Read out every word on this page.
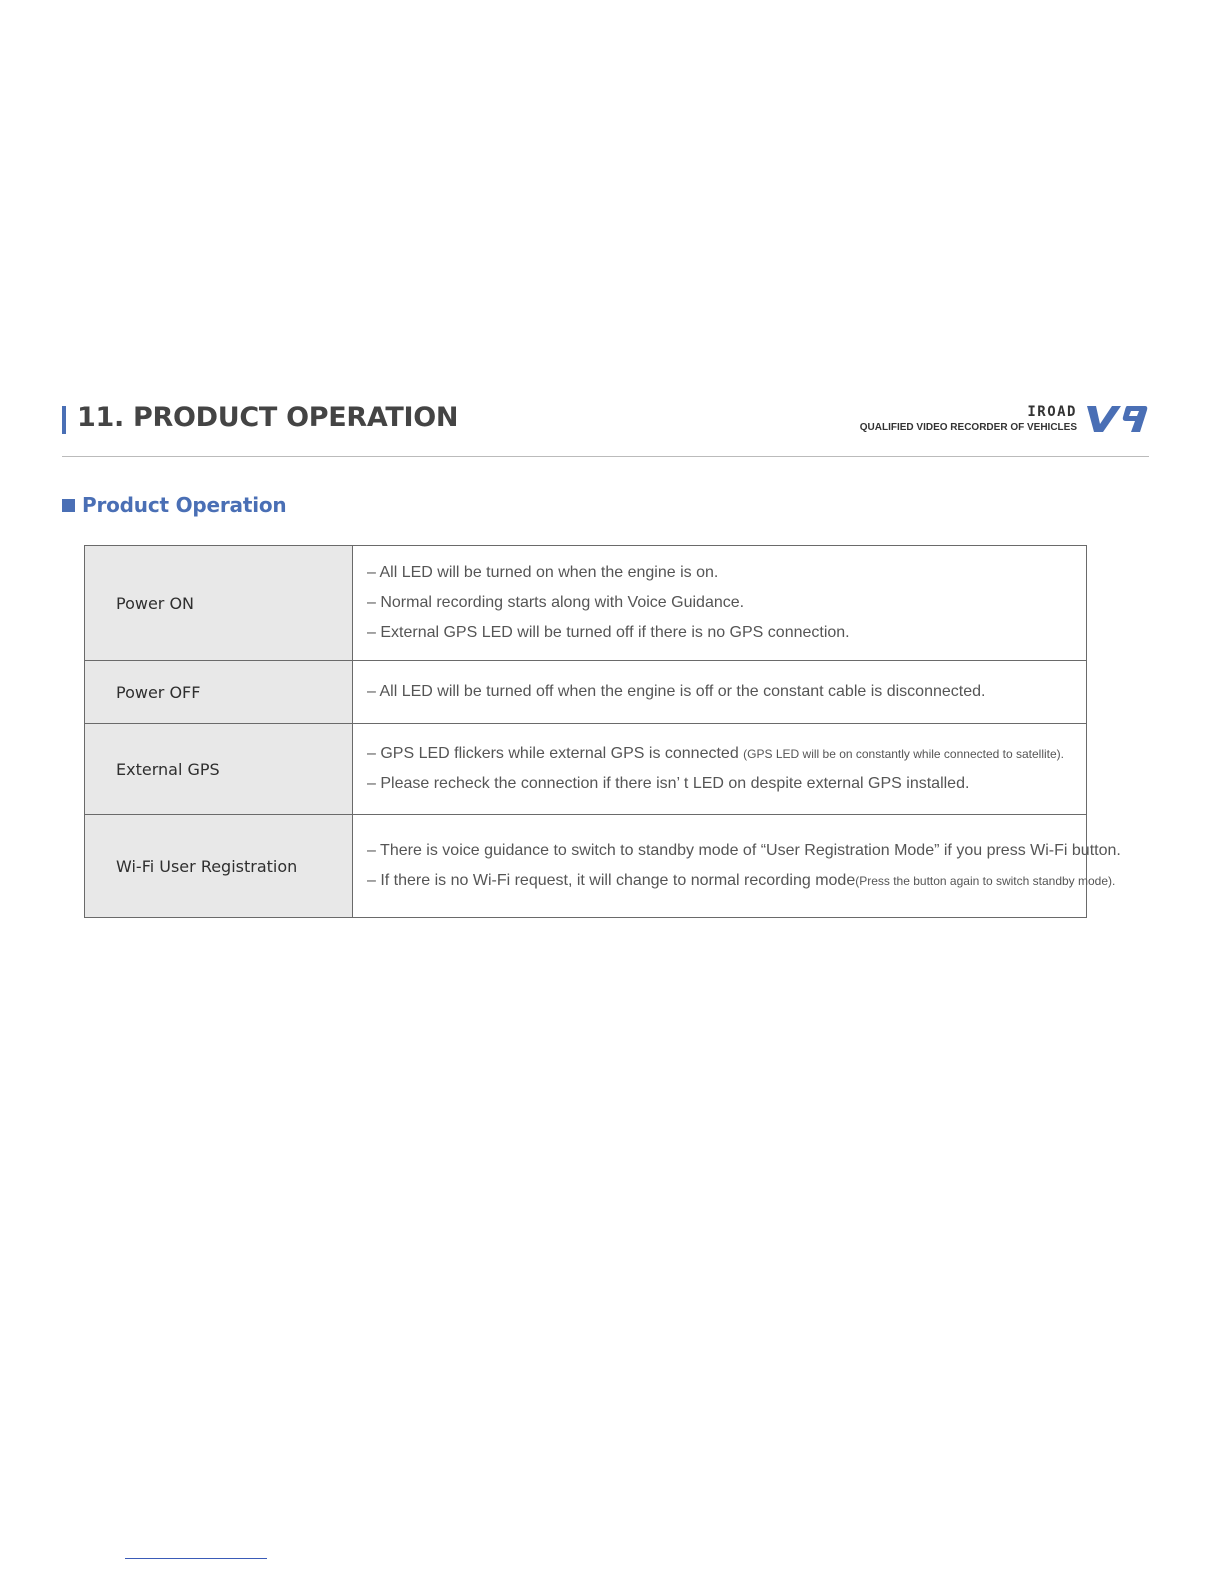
11. PRODUCT OPERATION	IROAD
QUALIFIED VIDEO RECORDER OF VEHICLES
Product Operation
Power ON	– All LED will be turned on when the engine is on.
– Normal recording starts along with Voice Guidance.
– External GPS LED will be turned off if there is no GPS connection.

Power OFF	– All LED will be turned off when the engine is off or the constant cable is disconnected.

External GPS	– GPS LED flickers while external GPS is connected (GPS LED will be on constantly while connected to satellite).
– Please recheck the connection if there isn’ t LED on despite external GPS installed.

Wi-Fi User Registration	– There is voice guidance to switch to standby mode of “User Registration Mode” if you press Wi-Fi button.
– If there is no Wi-Fi request, it will change to normal recording mode(Press the button again to switch standby mode).
